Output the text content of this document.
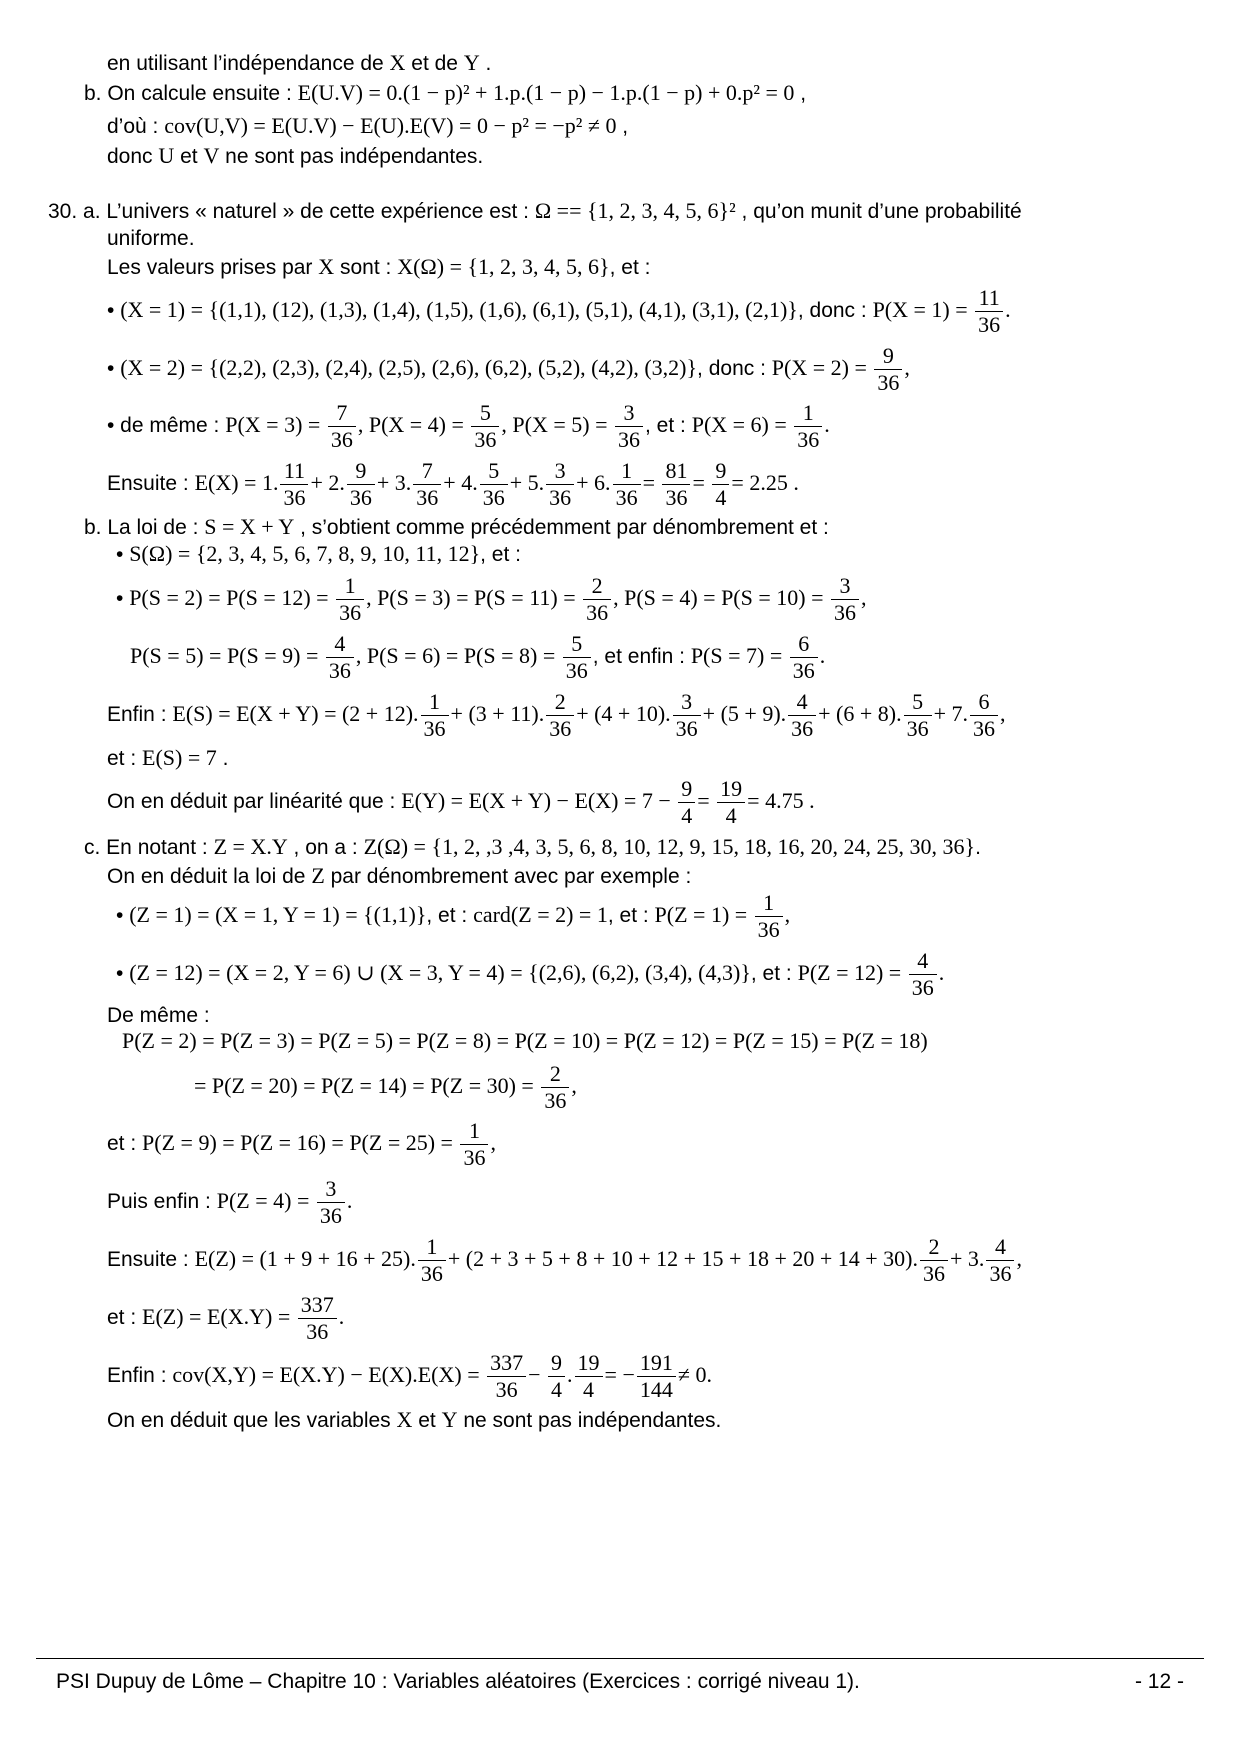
en utilisant l’indépendance de X et de Y .
b. On calcule ensuite : E(U.V) = 0.(1 − p)² + 1.p.(1 − p) − 1.p.(1 − p) + 0.p² = 0 ,
d’où : cov(U,V) = E(U.V) − E(U).E(V) = 0 − p² = −p² ≠ 0 ,
donc U et V ne sont pas indépendantes.
30. a. L’univers « naturel » de cette expérience est : Ω == {1, 2, 3, 4, 5, 6}² , qu’on munit d’une probabilité
uniforme.
Les valeurs prises par X sont : X(Ω) = {1, 2, 3, 4, 5, 6}, et :
• (X = 1) = {(1,1), (12), (1,3), (1,4), (1,5), (1,6), (6,1), (5,1), (4,1), (3,1), (2,1)}, donc : $P(X = 1) = \frac{11}{36}$ .
• (X = 2) = {(2,2), (2,3), (2,4), (2,5), (2,6), (6,2), (5,2), (4,2), (3,2)}, donc : $P(X = 2) = \frac{9}{36}$ ,
• de même : $P(X = 3) = \frac{7}{36}$ , $P(X = 4) = \frac{5}{36}$ , $P(X = 5) = \frac{3}{36}$ , et : $P(X = 6) = \frac{1}{36}$ .
Ensuite : E(X) = 1. $\frac{11}{36} + 2$. $\frac{9}{36} + 3$. $\frac{7}{36} + 4$. $\frac{5}{36} + 5$. $\frac{3}{36} + 6$. $\frac{1}{36} = \frac{81}{36} = \frac{9}{4} = 2.25$ .
b. La loi de : S = X + Y , s’obtient comme précédemment par dénombrement et :
• S(Ω) = {2, 3, 4, 5, 6, 7, 8, 9, 10, 11, 12}, et :
• $P(S = 2) = P(S = 12) = \frac{1}{36}$ , $P(S = 3) = P(S = 11) = \frac{2}{36}$ , $P(S = 4) = P(S = 10) = \frac{3}{36}$ ,
$P(S = 5) = P(S = 9) = \frac{4}{36}$ , $P(S = 6) = P(S = 8) = \frac{5}{36}$ , et enfin : $P(S = 7) = \frac{6}{36}$ .
Enfin : E(S) = E(X + Y) = (2 + 12). $\frac{1}{36} + (3 + 11)$. $\frac{2}{36} + (4 + 10)$. $\frac{3}{36} + (5 + 9)$. $\frac{4}{36} + (6 + 8)$. $\frac{5}{36} + 7$. $\frac{6}{36}$ ,
et : E(S) = 7 .
On en déduit par linéarité que : $E(Y) = E(X + Y) - E(X) = 7 - \frac{9}{4} = \frac{19}{4} = 4.75$ .
c. En notant : Z = X.Y , on a : Z(Ω) = {1, 2, ,3 ,4, 3, 5, 6, 8, 10, 12, 9, 15, 18, 16, 20, 24, 25, 30, 36}.
On en déduit la loi de Z par dénombrement avec par exemple :
• (Z = 1) = (X = 1, Y = 1) = {(1,1)}, et : card(Z = 2) = 1, et : $P(Z = 1) = \frac{1}{36}$ ,
• (Z = 12) = (X = 2, Y = 6) ∪ (X = 3, Y = 4) = {(2,6), (6,2), (3,4), (4,3)}, et : $P(Z = 12) = \frac{4}{36}$ .
De même :
P(Z = 2) = P(Z = 3) = P(Z = 5) = P(Z = 8) = P(Z = 10) = P(Z = 12) = P(Z = 15) = P(Z = 18)
= $P(Z = 20) = P(Z = 14) = P(Z = 30) = \frac{2}{36}$ ,
et : $P(Z = 9) = P(Z = 16) = P(Z = 25) = \frac{1}{36}$ ,
Puis enfin : $P(Z = 4) = \frac{3}{36}$ .
Ensuite : E(Z) = (1 + 9 + 16 + 25). $\frac{1}{36} + (2 + 3 + 5 + 8 + 10 + 12 + 15 + 18 + 20 + 14 + 30)$. $\frac{2}{36} + 3$. $\frac{4}{36}$ ,
et : $E(Z) = E(X.Y) = \frac{337}{36}$ .
Enfin : $cov(X,Y) = E(X.Y) - E(X).E(X) = \frac{337}{36} - \frac{9}{4}$ . $\frac{19}{4}$ = − $\frac{191}{144} \ne 0$.
On en déduit que les variables X et Y ne sont pas indépendantes.
PSI Dupuy de Lôme – Chapitre 10 : Variables aléatoires (Exercices : corrigé niveau 1).	- 12 -
